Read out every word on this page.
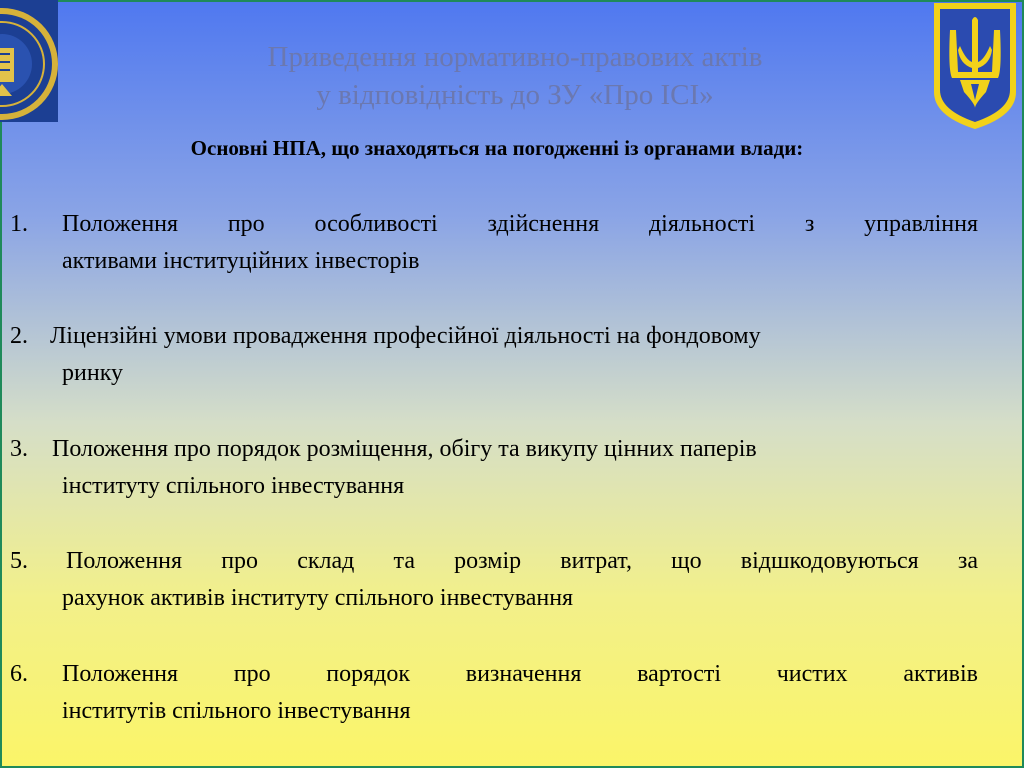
Приведення нормативно-правових актів
у відповідність до ЗУ «Про ІСІ»
Основні НПА, що знаходяться на погодженні із органами влади:
1.	Положення про особливості здійснення діяльності з управління
активами інституційних інвесторів
2. Ліцензійні умови провадження професійної діяльності на фондовому
ринку
3.	Положення про порядок розміщення, обігу та викупу цінних паперів
інституту спільного інвестування
5.	Положення про склад та розмір витрат, що відшкодовуються за
рахунок активів інституту спільного інвестування
6.	Положення про порядок визначення вартості чистих активів
інститутів спільного інвестування
